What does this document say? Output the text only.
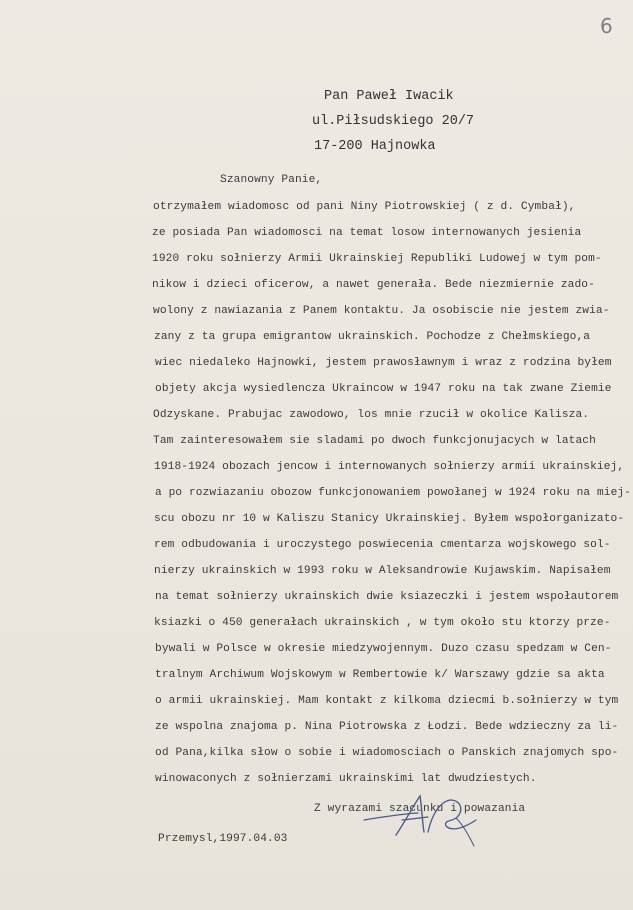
6
Pan Paweł Iwacik
ul.Piłsudskiego 20/7
17-200 Hajnowka
Szanowny Panie,
otrzymałem wiadomosc od pani Niny Piotrowskiej ( z d. Cymbał),
ze posiada Pan wiadomosci na temat losow internowanych jesienia
1920 roku sołnierzy Armii Ukrainskiej Republiki Ludowej w tym pom-
nikow i dzieci oficerow, a nawet generała. Bede niezmiernie zado-
wolony z nawiazania z Panem kontaktu. Ja osobiscie nie jestem zwia-
zany z ta grupa emigrantow ukrainskich. Pochodze z Chełmskiego,a
wiec niedaleko Hajnowki, jestem prawosławnym i wraz z rodzina byłem
objety akcja wysiedlencza Ukraincow w 1947 roku na tak zwane Ziemie
Odzyskane. Prabujac zawodowo, los mnie rzucił w okolice Kalisza.
Tam zainteresowałem sie sladami po dwoch funkcjonujacych w latach
1918-1924 obozach jencow i internowanych sołnierzy armii ukrainskiej,
a po rozwiazaniu obozow funkcjonowaniem powołanej w 1924 roku na miej-
scu obozu nr 10 w Kaliszu Stanicy Ukrainskiej. Byłem wspołorganizato-
rem odbudowania i uroczystego poswiecenia cmentarza wojskowego sol-
nierzy ukrainskich w 1993 roku w Aleksandrowie Kujawskim. Napisałem
na temat sołnierzy ukrainskich dwie ksiazeczki i jestem wspołautorem
ksiazki o 450 generałach ukrainskich , w tym około stu ktorzy prze-
bywali w Polsce w okresie miedzywojennym. Duzo czasu spedzam w Cen-
tralnym Archiwum Wojskowym w Rembertowie k/ Warszawy gdzie sa akta
o armii ukrainskiej. Mam kontakt z kilkoma dziecmi b.sołnierzy w tym
ze wspolna znajoma p. Nina Piotrowska z Łodzi. Bede wdzieczny za li-
od Pana,kilka słow o sobie i wiadomosciach o Panskich znajomych spo-
winowaconych z sołnierzami ukrainskimi lat dwudziestych.
Z wyrazami szacunku i powazania
Przemysl,1997.04.03
